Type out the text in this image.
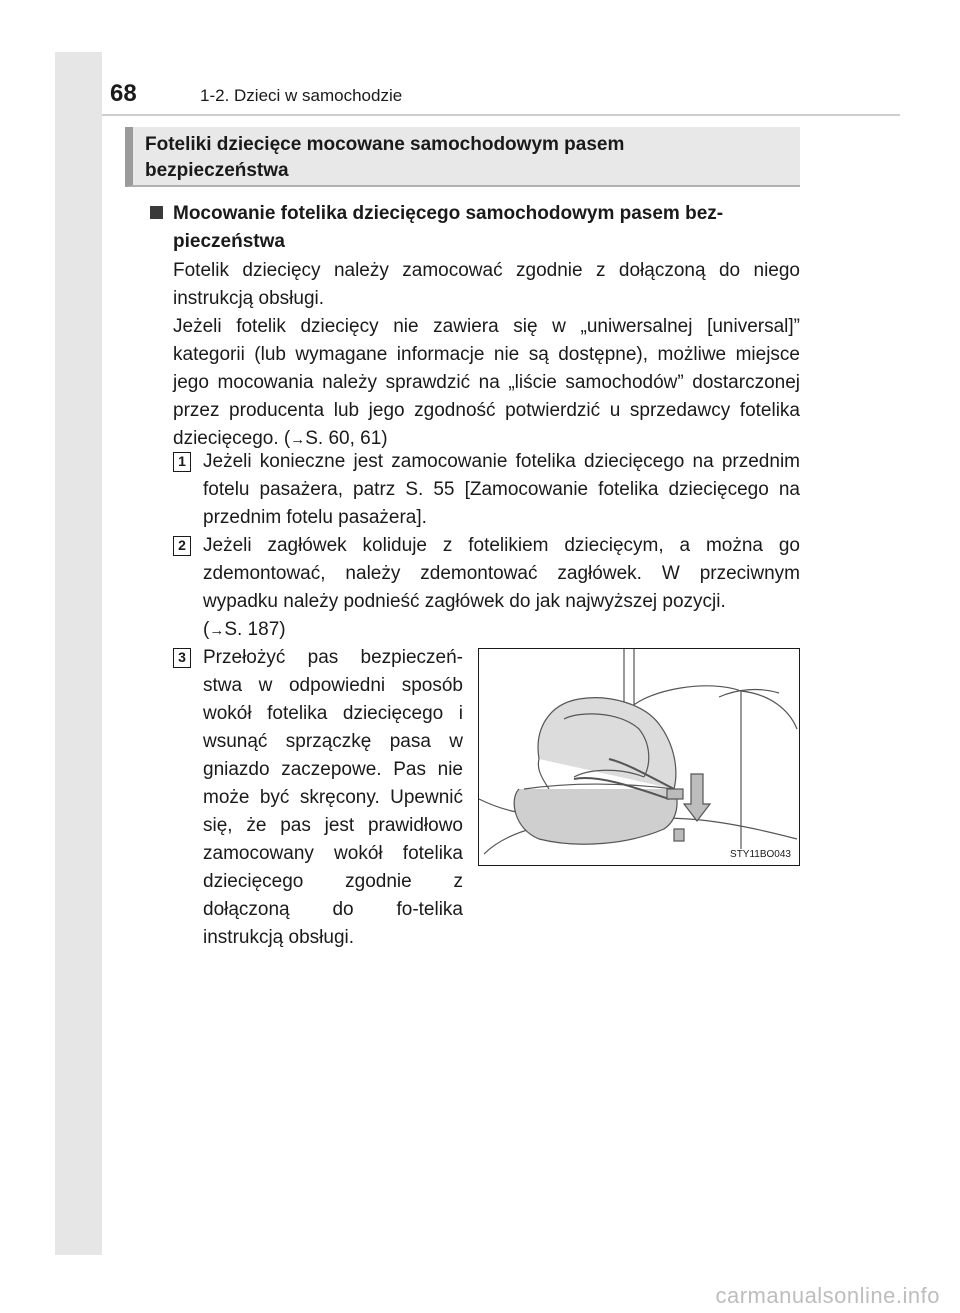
68	1-2. Dzieci w samochodzie
Foteliki dziecięce mocowane samochodowym pasem
bezpieczeństwa
Mocowanie fotelika dziecięcego samochodowym pasem bez-
pieczeństwa

Fotelik dziecięcy należy zamocować zgodnie z dołączoną do niego instrukcją obsługi.

Jeżeli fotelik dziecięcy nie zawiera się w „uniwersalnej [universal]” kategorii (lub wymagane informacje nie są dostępne), możliwe miejsce jego mocowania należy sprawdzić na „liście samochodów” dostarczonej przez producenta lub jego zgodność potwierdzić u sprzedawcy fotelika dziecięcego. (→S. 60, 61)

1 Jeżeli konieczne jest zamocowanie fotelika dziecięcego na przednim fotelu pasażera, patrz S. 55 [Zamocowanie fotelika dziecięcego na przednim fotelu pasażera].

2 Jeżeli zagłówek koliduje z fotelikiem dziecięcym, a można go zdemontować, należy zdemontować zagłówek. W przeciwnym wypadku należy podnieść zagłówek do jak najwyższej pozycji.
(→S. 187)

3 Przełożyć pas bezpieczeń-stwa w odpowiedni sposób wokół fotelika dziecięcego i wsunąć sprzączkę pasa w gniazdo zaczepowe. Pas nie może być skręcony. Upewnić się, że pas jest prawidłowo zamocowany wokół fotelika dziecięcego zgodnie z dołączoną do fo-telika instrukcją obsługi.

STY11BO043
carmanualsonline.info
